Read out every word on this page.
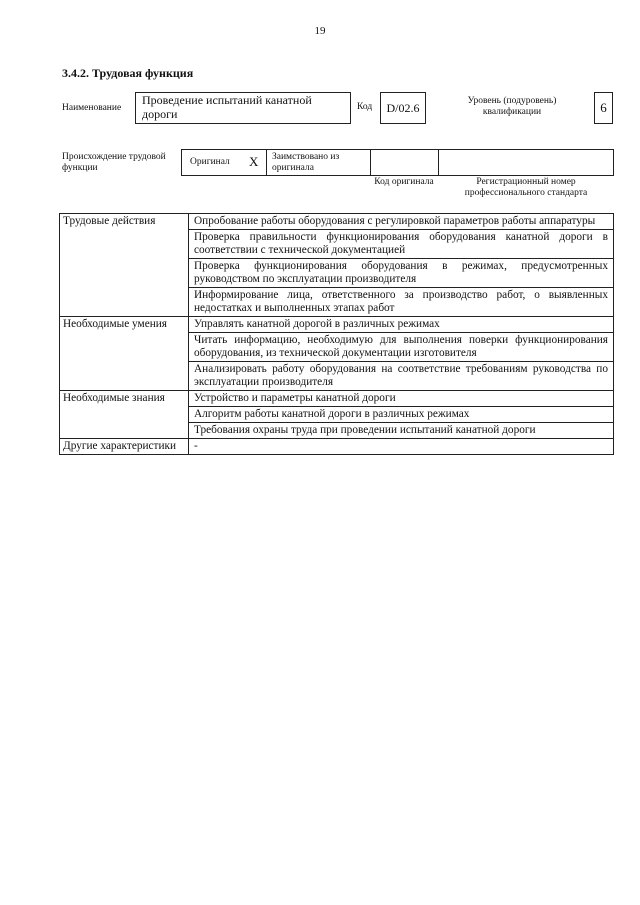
19
3.4.2. Трудовая функция
Наименование
Проведение испытаний канатной дороги	Код	D/02.6	Уровень (подуровень) квалификации	6
Происхождение трудовой функции
Оригинал X Заимствовано из оригинала
Код оригинала	Регистрационный номер профессионального стандарта
Трудовые действия	Опробование работы оборудования с регулировкой параметров работы аппаратуры
	Проверка правильности функционирования оборудования канатной дороги в соответствии с технической документацией
	Проверка функционирования оборудования в режимах, предусмотренных руководством по эксплуатации производителя
	Информирование лица, ответственного за производство работ, о выявленных недостатках и выполненных этапах работ
Необходимые умения	Управлять канатной дорогой в различных режимах
	Читать информацию, необходимую для выполнения поверки функционирования оборудования, из технической документации изготовителя
	Анализировать работу оборудования на соответствие требованиям руководства по эксплуатации производителя
Необходимые знания	Устройство и параметры канатной дороги
	Алгоритм работы канатной дороги в различных режимах
	Требования охраны труда при проведении испытаний канатной дороги
Другие характеристики	-
